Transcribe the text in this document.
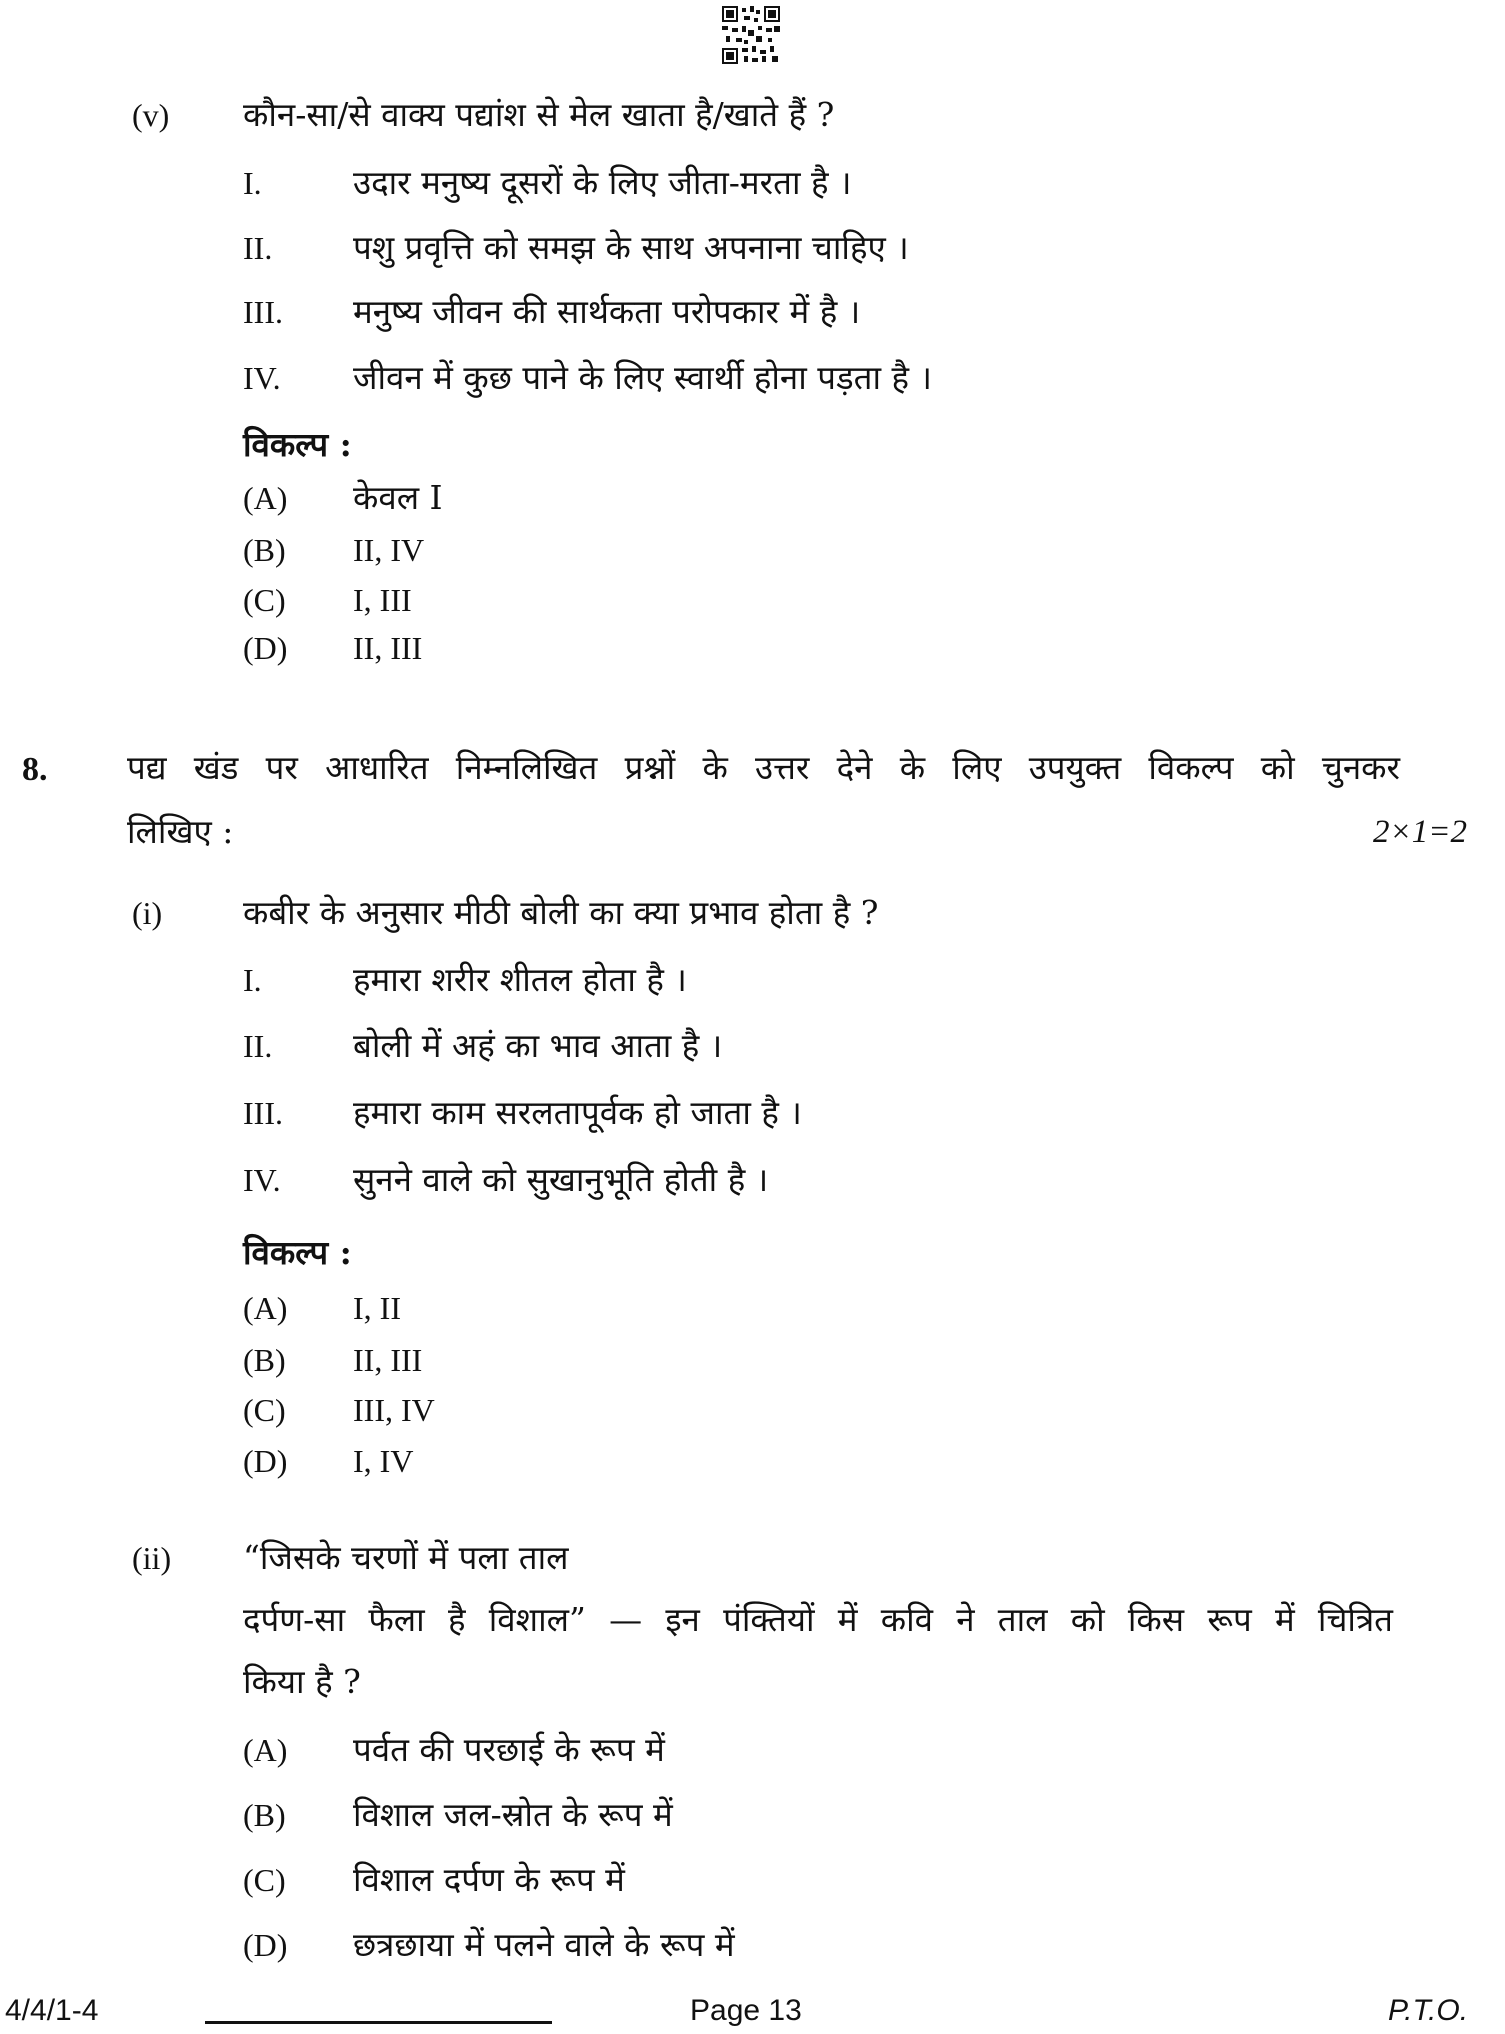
(v) कौन-सा/से वाक्य पद्यांश से मेल खाता है/खाते हैं ?
I.	उदार मनुष्य दूसरों के लिए जीता-मरता है ।
II. पशु प्रवृत्ति को समझ के साथ अपनाना चाहिए ।
III. मनुष्य जीवन की सार्थकता परोपकार में है ।
IV. जीवन में कुछ पाने के लिए स्वार्थी होना पड़ता है ।
विकल्प :
(A) केवल I
(B) II, IV
(C) I, III
(D) II, III
8. पद्य खंड पर आधारित निम्नलिखित प्रश्नों के उत्तर देने के लिए उपयुक्त विकल्प को चुनकर
लिखिए :	2×1=2
(i) कबीर के अनुसार मीठी बोली का क्या प्रभाव होता है ?
I.	हमारा शरीर शीतल होता है ।
II. बोली में अहं का भाव आता है ।
III. हमारा काम सरलतापूर्वक हो जाता है ।
IV. सुनने वाले को सुखानुभूति होती है ।
विकल्प :
(A) I, II
(B) II, III
(C) III, IV
(D) I, IV
(ii) “जिसके चरणों में पला ताल
दर्पण-सा फैला है विशाल” — इन पंक्तियों में कवि ने ताल को किस रूप में चित्रित
किया है ?
(A) पर्वत की परछाई के रूप में
(B) विशाल जल-स्रोत के रूप में
(C) विशाल दर्पण के रूप में
(D) छत्रछाया में पलने वाले के रूप में
4/4/1-4	Page 13	P.T.O.
